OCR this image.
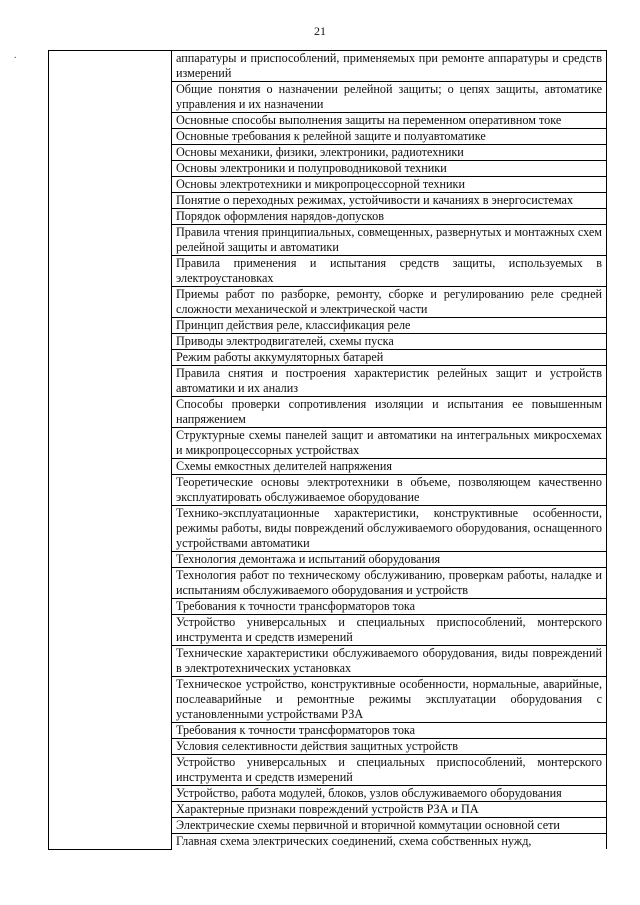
21
.
		аппаратуры и приспособлений, применяемых при ремонте аппаратуры и средств измерений
Общие понятия о назначении релейной защиты; о цепях защиты, автоматике управления и их назначении
Основные способы выполнения защиты на переменном оперативном токе
Основные требования к релейной защите и полуавтоматике
Основы механики, физики, электроники, радиотехники
Основы электроники и полупроводниковой техники
Основы электротехники и микропроцессорной техники
Понятие о переходных режимах, устойчивости и качаниях в энергосистемах
Порядок оформления нарядов-допусков
Правила чтения принципиальных, совмещенных, развернутых и монтажных схем релейной защиты и автоматики
Правила применения и испытания средств защиты, используемых в электроустановках
Приемы работ по разборке, ремонту, сборке и регулированию реле средней сложности механической и электрической части
Принцип действия реле, классификация реле
Приводы электродвигателей, схемы пуска
Режим работы аккумуляторных батарей
Правила снятия и построения характеристик релейных защит и устройств автоматики и их анализ
Способы проверки сопротивления изоляции и испытания ее повышенным напряжением
Структурные схемы панелей защит и автоматики на интегральных микросхемах и микропроцессорных устройствах
Схемы емкостных делителей напряжения
Теоретические основы электротехники в объеме, позволяющем качественно эксплуатировать обслуживаемое оборудование
Технико-эксплуатационные характеристики, конструктивные особенности, режимы работы, виды повреждений обслуживаемого оборудования, оснащенного устройствами автоматики
Технология демонтажа и испытаний оборудования
Технология работ по техническому обслуживанию, проверкам работы, наладке и испытаниям обслуживаемого оборудования и устройств
Требования к точности трансформаторов тока
Устройство универсальных и специальных приспособлений, монтерского инструмента и средств измерений
Технические характеристики обслуживаемого оборудования, виды повреждений в электротехнических установках
Техническое устройство, конструктивные особенности, нормальные, аварийные, послеаварийные и ремонтные режимы эксплуатации оборудования с установленными устройствами РЗА
Требования к точности трансформаторов тока
Условия селективности действия защитных устройств
Устройство универсальных и специальных приспособлений, монтерского инструмента и средств измерений
Устройство, работа модулей, блоков, узлов обслуживаемого оборудования
Характерные признаки повреждений устройств РЗА и ПА
Электрические схемы первичной и вторичной коммутации основной сети
Главная схема электрических соединений, схема собственных нужд,
